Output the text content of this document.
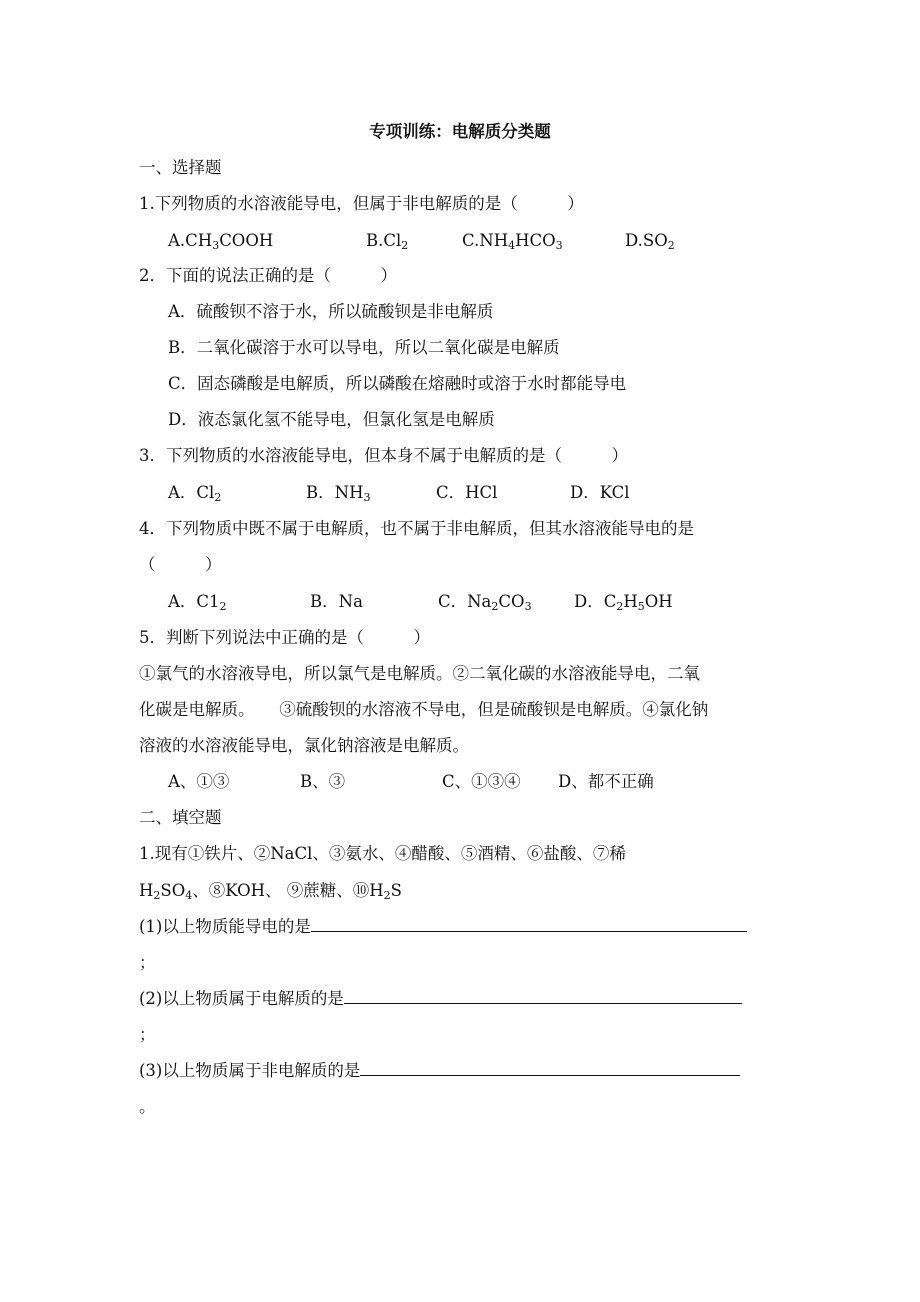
专项训练：电解质分类题
一、选择题
1.下列物质的水溶液能导电，但属于非电解质的是（　　　）
$A.CH_3COOH$	$B.Cl_2$	$C.NH_4HCO_3$	$D.SO_2$
2．下面的说法正确的是（　　　）
A．硫酸钡不溶于水，所以硫酸钡是非电解质
B．二氧化碳溶于水可以导电，所以二氧化碳是电解质
C．固态磷酸是电解质，所以磷酸在熔融时或溶于水时都能导电
D．液态氯化氢不能导电，但氯化氢是电解质
3．下列物质的水溶液能导电，但本身不属于电解质的是（　　　）
A．$Cl_2$	B．$NH_3$	C．HCl	D．KCl
4．下列物质中既不属于电解质，也不属于非电解质，但其水溶液能导电的是
（　　　）
A．$C1_2$	B．Na	C．$Na_2CO_3$	D．$C_2H_5OH$
5．判断下列说法中正确的是（　　　）
①氯气的水溶液导电，所以氯气是电解质。②二氧化碳的水溶液能导电，二氧
化碳是电解质。　　③硫酸钡的水溶液不导电，但是硫酸钡是电解质。④氯化钠
溶液的水溶液能导电，氯化钠溶液是电解质。
A、①③	B、③	C、①③④ D、都不正确
二、填空题
1.现有①铁片、②NaCl、③氨水、④醋酸、⑤酒精、⑥盐酸、⑦稀
$H_2SO_4$、⑧KOH、 ⑨蔗糖、$⑩H_2S$
(1)以上物质能导电的是
；
(2)以上物质属于电解质的是
；
(3)以上物质属于非电解质的是
。
